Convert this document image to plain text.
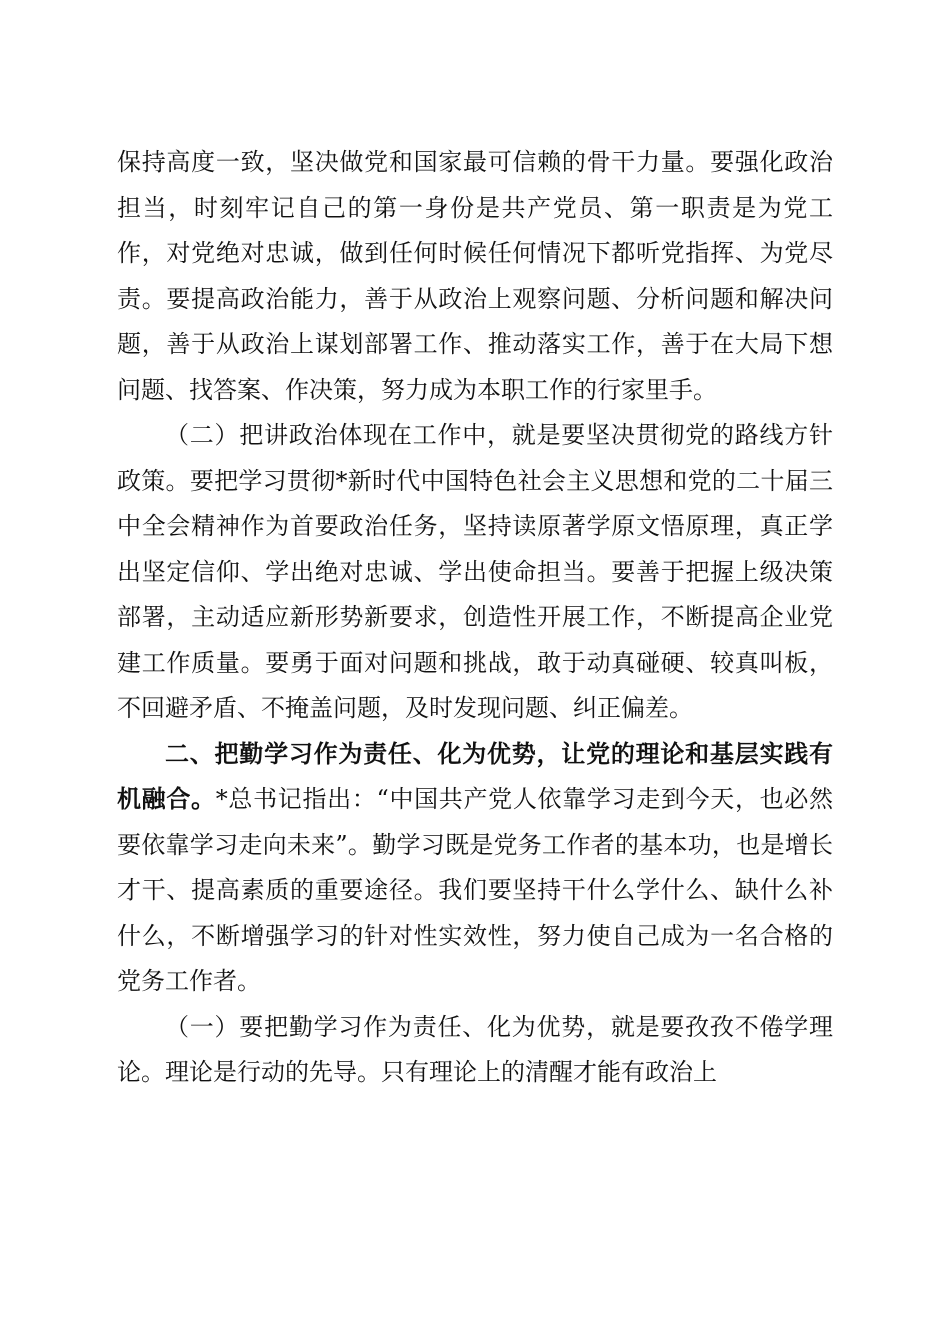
保持高度一致，坚决做党和国家最可信赖的骨干力量。要强化政治担当，时刻牢记自己的第一身份是共产党员、第一职责是为党工作，对党绝对忠诚，做到任何时候任何情况下都听党指挥、为党尽责。要提高政治能力，善于从政治上观察问题、分析问题和解决问题，善于从政治上谋划部署工作、推动落实工作，善于在大局下想问题、找答案、作决策，努力成为本职工作的行家里手。

（二）把讲政治体现在工作中，就是要坚决贯彻党的路线方针政策。要把学习贯彻*新时代中国特色社会主义思想和党的二十届三中全会精神作为首要政治任务，坚持读原著学原文悟原理，真正学出坚定信仰、学出绝对忠诚、学出使命担当。要善于把握上级决策部署，主动适应新形势新要求，创造性开展工作，不断提高企业党建工作质量。要勇于面对问题和挑战，敢于动真碰硬、较真叫板，不回避矛盾、不掩盖问题，及时发现问题、纠正偏差。

二、把勤学习作为责任、化为优势，让党的理论和基层实践有机融合。*总书记指出：“中国共产党人依靠学习走到今天，也必然要依靠学习走向未来”。勤学习既是党务工作者的基本功，也是增长才干、提高素质的重要途径。我们要坚持干什么学什么、缺什么补什么，不断增强学习的针对性实效性，努力使自己成为一名合格的党务工作者。

（一）要把勤学习作为责任、化为优势，就是要孜孜不倦学理论。理论是行动的先导。只有理论上的清醒才能有政治上
